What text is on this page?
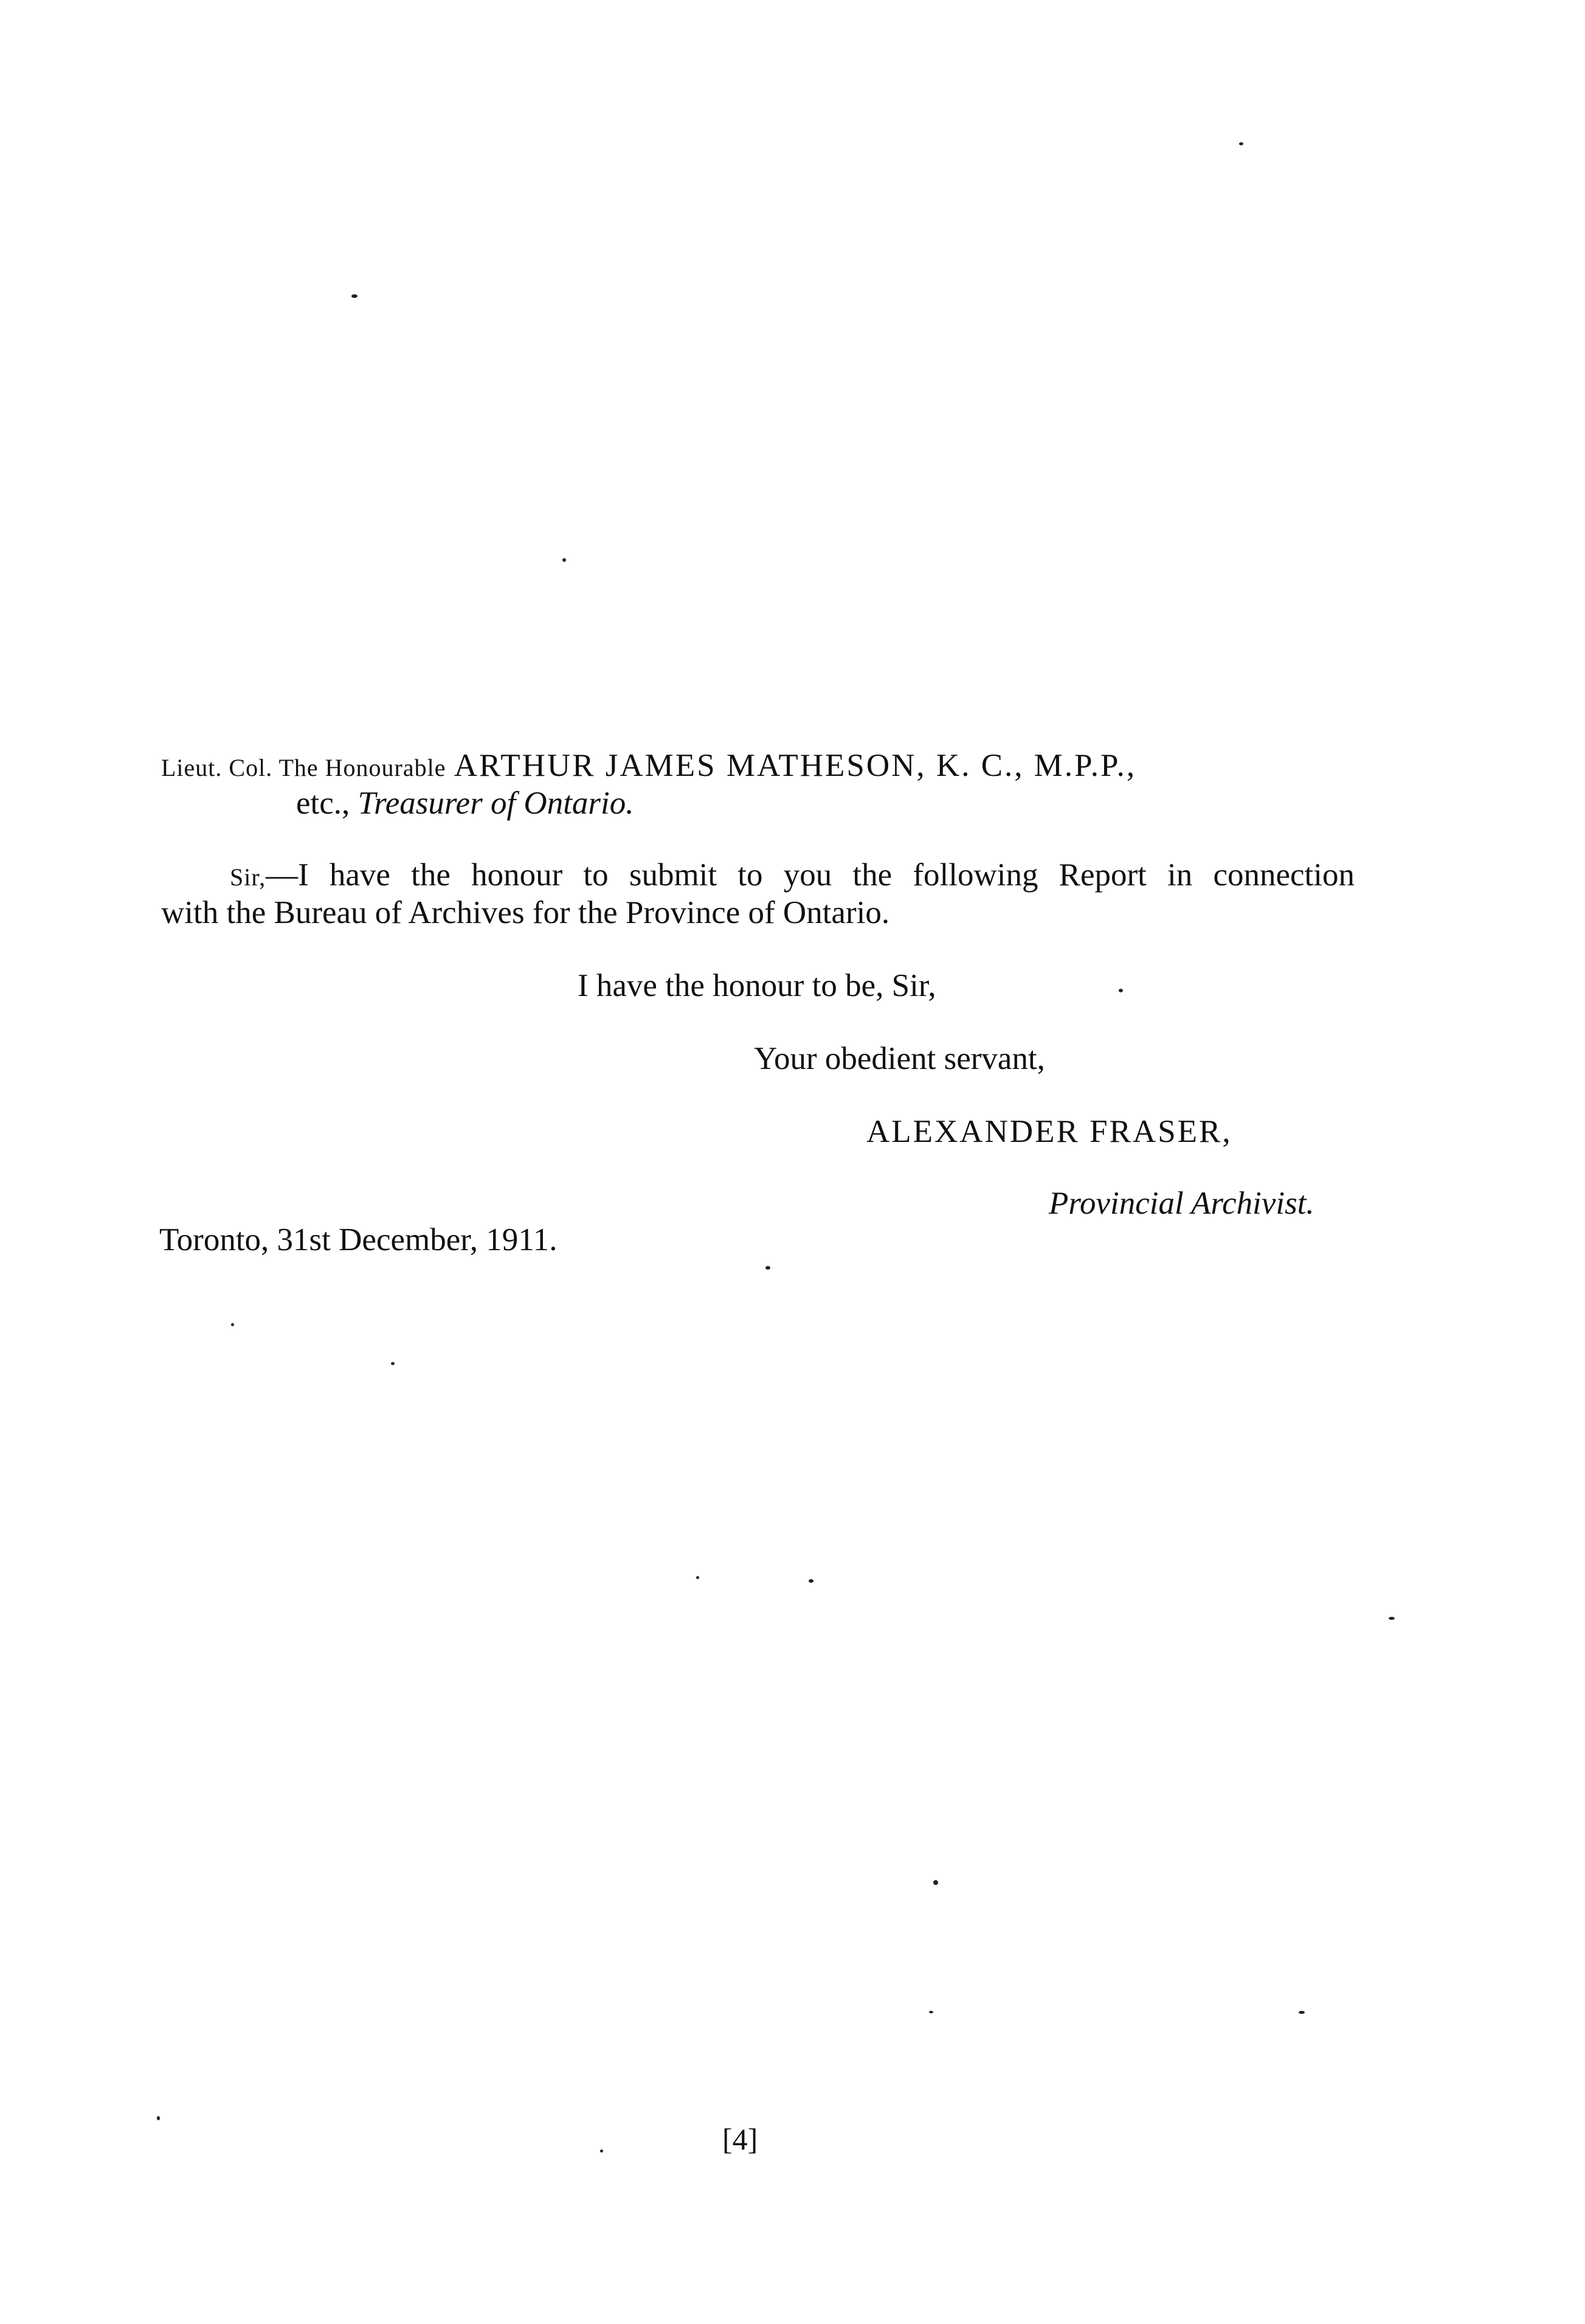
Lieut. Col. The Honourable ARTHUR JAMES MATHESON, K. C., M.P.P.,
etc., Treasurer of Ontario.
Sir,—I have the honour to submit to you the following Report in connection
with the Bureau of Archives for the Province of Ontario.
I have the honour to be, Sir,
Your obedient servant,
ALEXANDER FRASER,
Provincial Archivist.
Toronto, 31st December, 1911.
[4]
